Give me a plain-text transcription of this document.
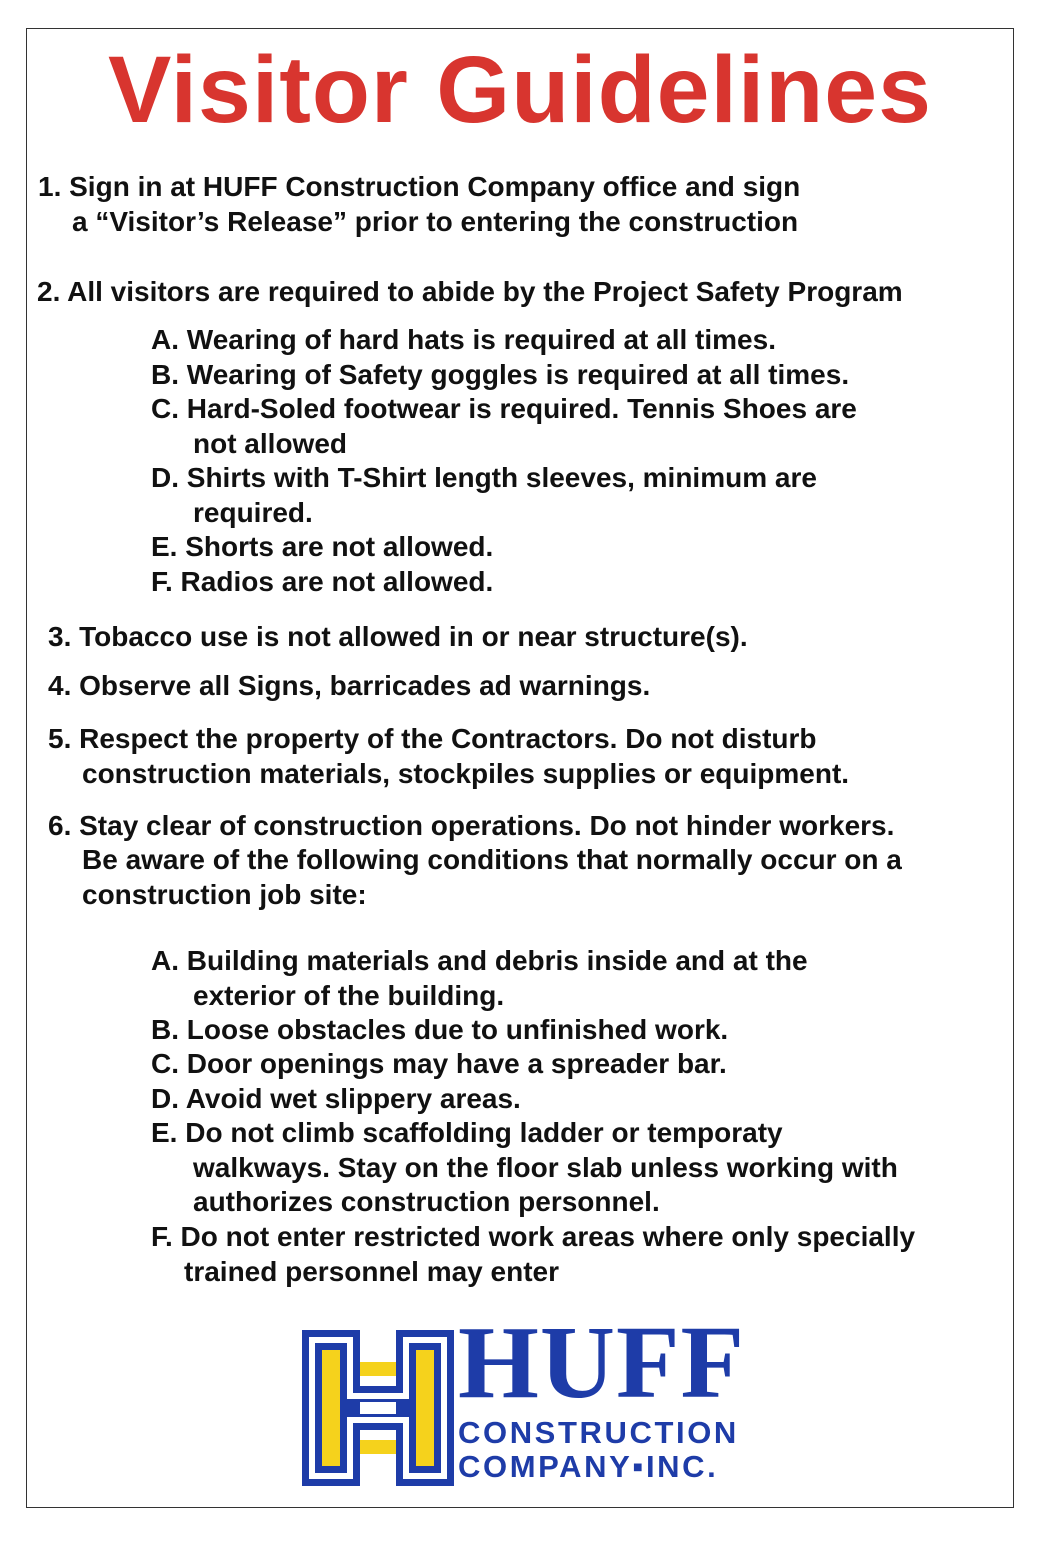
Visitor Guidelines

1. Sign in at HUFF Construction Company office and sign

a “Visitor’s Release” prior to entering the construction

2. All visitors are required to abide by the Project Safety Program

A. Wearing of hard hats is required at all times.

B. Wearing of Safety goggles is required at all times.

C. Hard-Soled footwear is required. Tennis Shoes are

not allowed

D. Shirts with T-Shirt length sleeves, minimum are

required.

E. Shorts are not allowed.

F. Radios are not allowed.

3. Tobacco use is not allowed in or near structure(s).

4. Observe all Signs, barricades ad warnings.

5. Respect the property of the Contractors. Do not disturb

construction materials, stockpiles supplies or equipment.

6. Stay clear of construction operations. Do not hinder workers.

Be aware of the following conditions that normally occur on a

construction job site:

A. Building materials and debris inside and at the

exterior of the building.

B. Loose obstacles due to unfinished work.

C. Door openings may have a spreader bar.

D. Avoid wet slippery areas.

E. Do not climb scaffolding ladder or temporaty

walkways. Stay on the floor slab unless working with

authorizes construction personnel.

F. Do not enter restricted work areas where only specially

trained personnel may enter

HUFF
CONSTRUCTION
COMPANY▪INC.
